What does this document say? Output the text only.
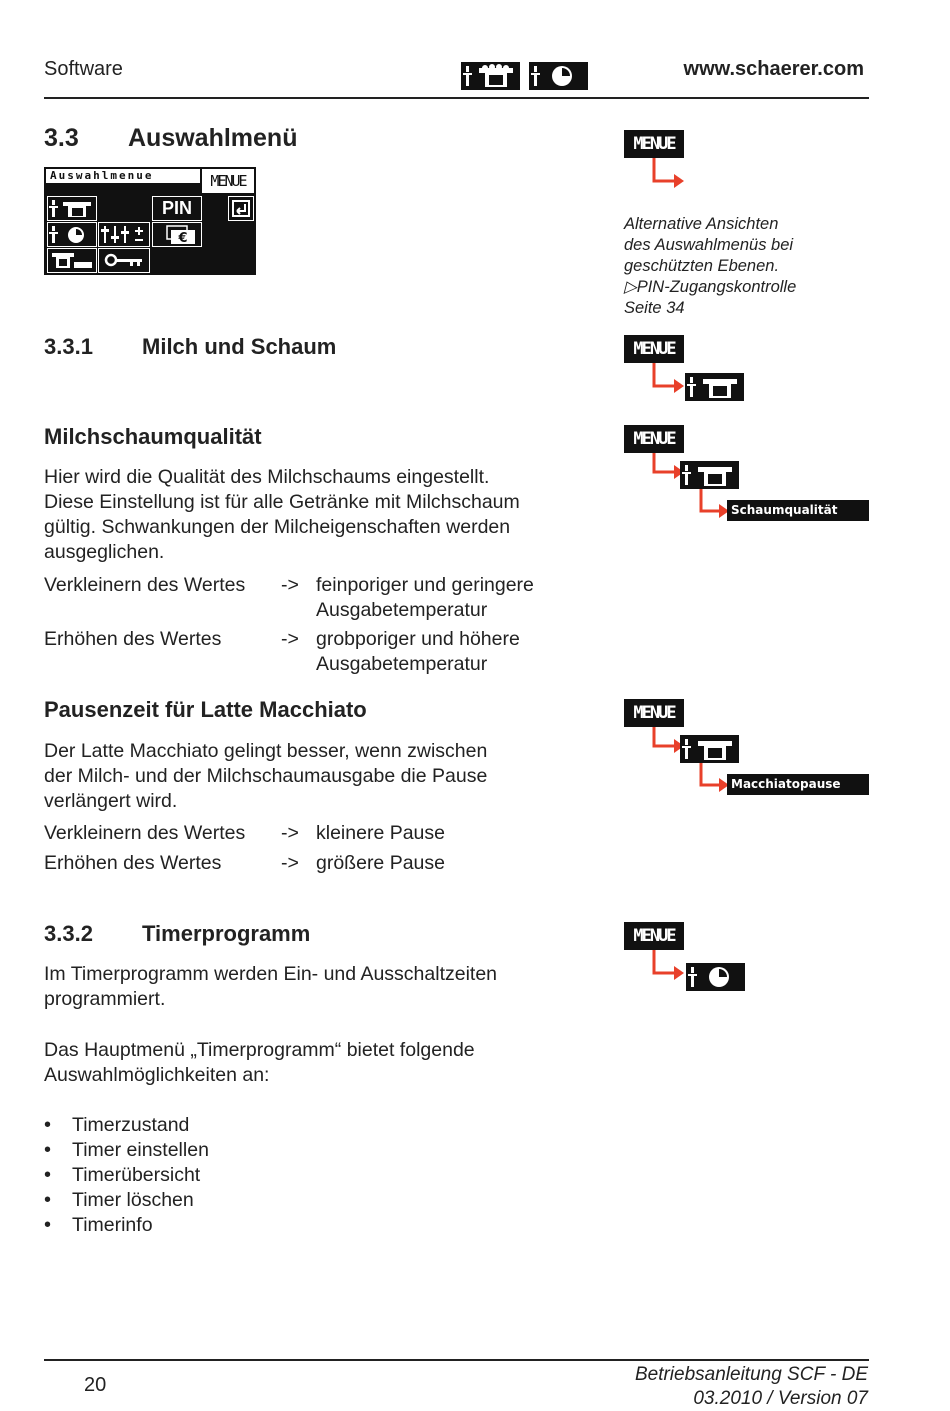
Software	www.schaerer.com
3.3 Auswahlmenü
Auswahlmenue	MENUE
PIN
€
MENUE
Alternative Ansichten
des Auswahlmenüs bei
geschützten Ebenen.
▷PIN-Zugangskontrolle
Seite 34
3.3.1 Milch und Schaum	MENUE
Milchschaumqualität
Hier wird die Qualität des Milchschaums eingestellt.
Diese Einstellung ist für alle Getränke mit Milchschaum
gültig. Schwankungen der Milcheigenschaften werden
ausgeglichen.
Verkleinern des Wertes -> feinporiger und geringere
Ausgabetemperatur
Erhöhen des Wertes	-> grobporiger und höhere
Ausgabetemperatur
MENUE
Schaumqualität
Pausenzeit für Latte Macchiato
Der Latte Macchiato gelingt besser, wenn zwischen
der Milch- und der Milchschaumausgabe die Pause
verlängert wird.
Verkleinern des Wertes -> kleinere Pause
Erhöhen des Wertes	-> größere Pause
MENUE
Macchiatopause
3.3.2 Timerprogramm
Im Timerprogramm werden Ein- und Ausschaltzeiten
programmiert.
Das Hauptmenü „Timerprogramm“ bietet folgende
Auswahlmöglichkeiten an:
• Timerzustand
• Timer einstellen
• Timerübersicht
• Timer löschen
• Timerinfo
MENUE
20	Betriebsanleitung SCF - DE
03.2010 / Version 07
